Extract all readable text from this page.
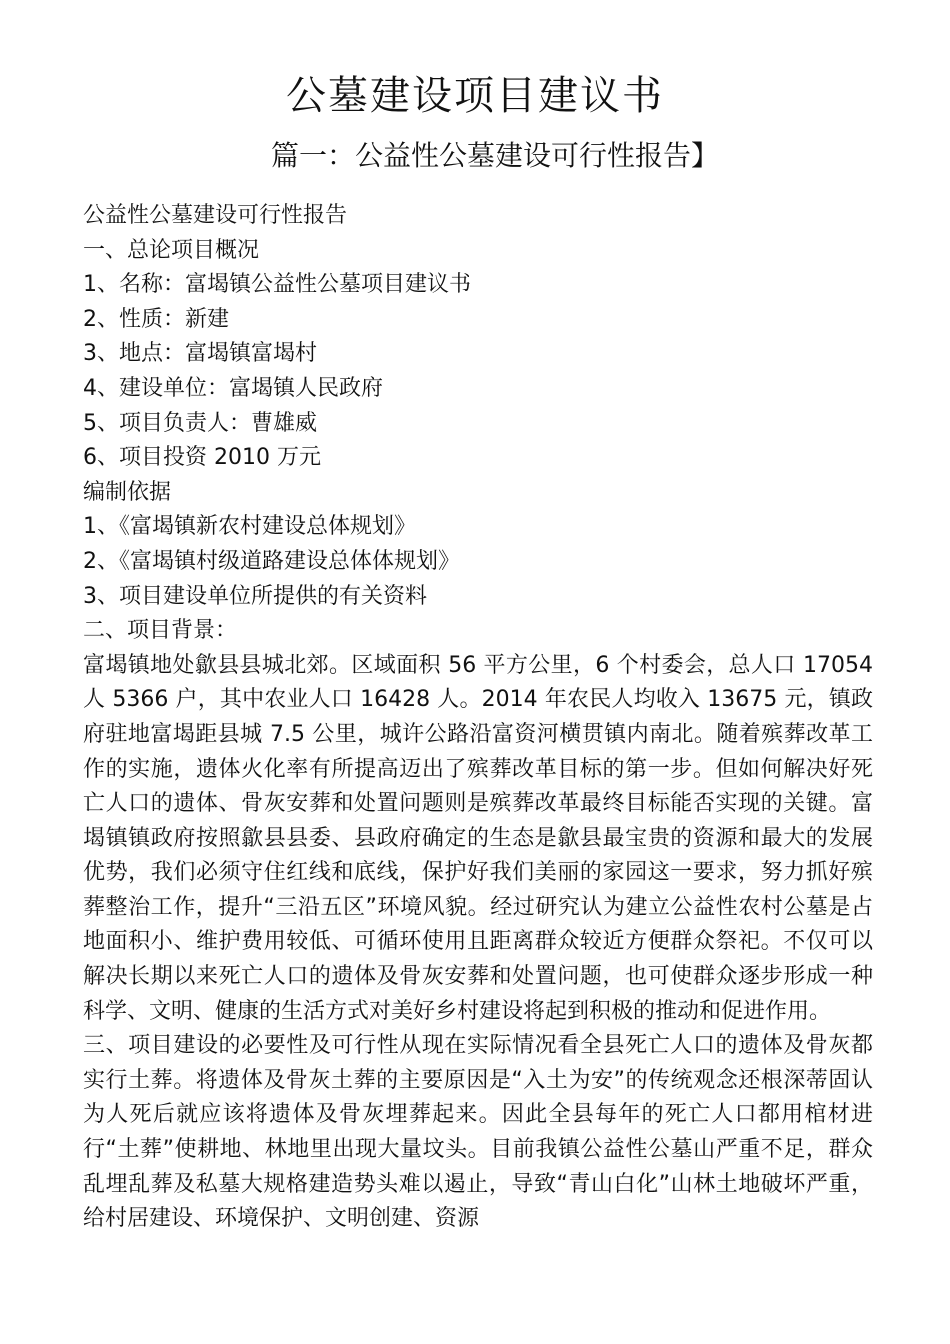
公墓建设项目建议书
篇一：公益性公墓建设可行性报告】
公益性公墓建设可行性报告
一、总论项目概况
1、名称：富堨镇公益性公墓项目建议书
2、性质：新建
3、地点：富堨镇富堨村
4、建设单位：富堨镇人民政府
5、项目负责人：曹雄威
6、项目投资 2010 万元
编制依据
1、《富堨镇新农村建设总体规划》
2、《富堨镇村级道路建设总体体规划》
3、项目建设单位所提供的有关资料
二、项目背景：

富堨镇地处歙县县城北郊。区域面积 56 平方公里，6 个村委会，总人口 17054 人 5366 户，其中农业人口 16428 人。2014 年农民人均收入 13675 元，镇政府驻地富堨距县城 7.5 公里，城许公路沿富资河横贯镇内南北。随着殡葬改革工作的实施，遗体火化率有所提高迈出了殡葬改革目标的第一步。但如何解决好死亡人口的遗体、骨灰安葬和处置问题则是殡葬改革最终目标能否实现的关键。富堨镇镇政府按照歙县县委、县政府确定的生态是歙县最宝贵的资源和最大的发展优势，我们必须守住红线和底线，保护好我们美丽的家园这一要求，努力抓好殡葬整治工作，提升“三沿五区”环境风貌。经过研究认为建立公益性农村公墓是占地面积小、维护费用较低、可循环使用且距离群众较近方便群众祭祀。不仅可以解决长期以来死亡人口的遗体及骨灰安葬和处置问题，也可使群众逐步形成一种科学、文明、健康的生活方式对美好乡村建设将起到积极的推动和促进作用。

三、项目建设的必要性及可行性从现在实际情况看全县死亡人口的遗体及骨灰都实行土葬。将遗体及骨灰土葬的主要原因是“入土为安”的传统观念还根深蒂固认为人死后就应该将遗体及骨灰埋葬起来。因此全县每年的死亡人口都用棺材进行“土葬”使耕地、林地里出现大量坟头。目前我镇公益性公墓山严重不足，群众乱埋乱葬及私墓大规格建造势头难以遏止，导致“青山白化”山林土地破坏严重，给村居建设、环境保护、文明创建、资源
